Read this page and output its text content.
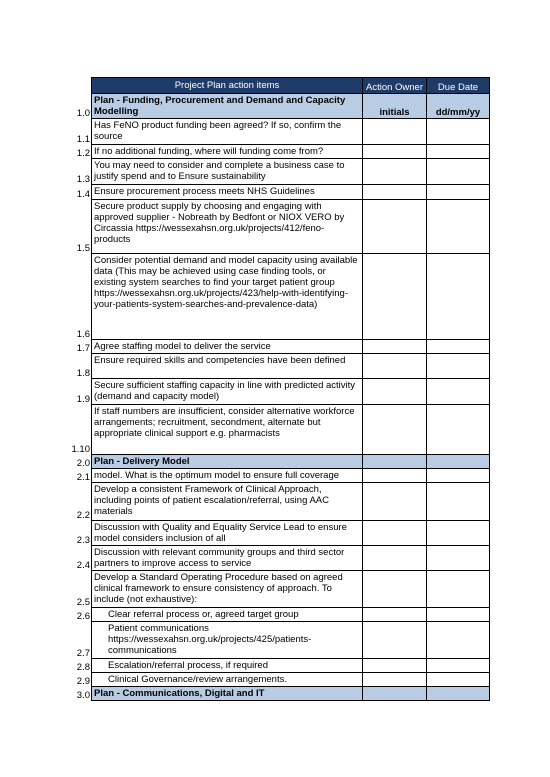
	Project Plan action items	Action Owner	Due Date
1.0	Plan - Funding, Procurement and Demand and Capacity Modelling	initials	dd/mm/yy
1.1	Has FeNO product funding been agreed? If so, confirm the source		
1.2	If no additional funding, where will funding come from?		
1.3	You may need to consider and complete a business case to justify spend and to Ensure sustainability		
1.4	Ensure procurement process meets NHS Guidelines		
1.5	Secure product supply by choosing and engaging with approved supplier - Nobreath by Bedfont or NIOX VERO by Circassia https://wessexahsn.org.uk/projects/412/feno-products		
1.6	Consider potential demand and model capacity using available data (This may be achieved using case finding tools, or existing system searches to find your target patient group https://wessexahsn.org.uk/projects/423/help-with-identifying-your-patients-system-searches-and-prevalence-data)		
1.7	Agree staffing model to deliver the service		
1.8	Ensure required skills and competencies have been defined		
1.9	Secure sufficient staffing capacity in line with predicted activity (demand and capacity model)		
1.10	If staff numbers are insufficient, consider alternative workforce arrangements; recruitment, secondment, alternate but appropriate clinical support e.g. pharmacists		
2.0	Plan - Delivery Model		
2.1	model. What is the optimum model to ensure full coverage		
2.2	Develop a consistent Framework of Clinical Approach, including points of patient escalation/referral, using AAC materials		
2.3	Discussion with Quality and Equality Service Lead to ensure model considers inclusion of all		
2.4	Discussion with relevant community groups and third sector partners to improve access to service		
2.5	Develop a Standard Operating Procedure based on agreed clinical framework to ensure consistency of approach. To include (not exhaustive):		
2.6	Clear referral process or, agreed target group		
2.7	Patient communications https://wessexahsn.org.uk/projects/425/patients-communications		
2.8	Escalation/referral process, if required		
2.9	Clinical Governance/review arrangements.		
3.0	Plan - Communications, Digital and IT		
